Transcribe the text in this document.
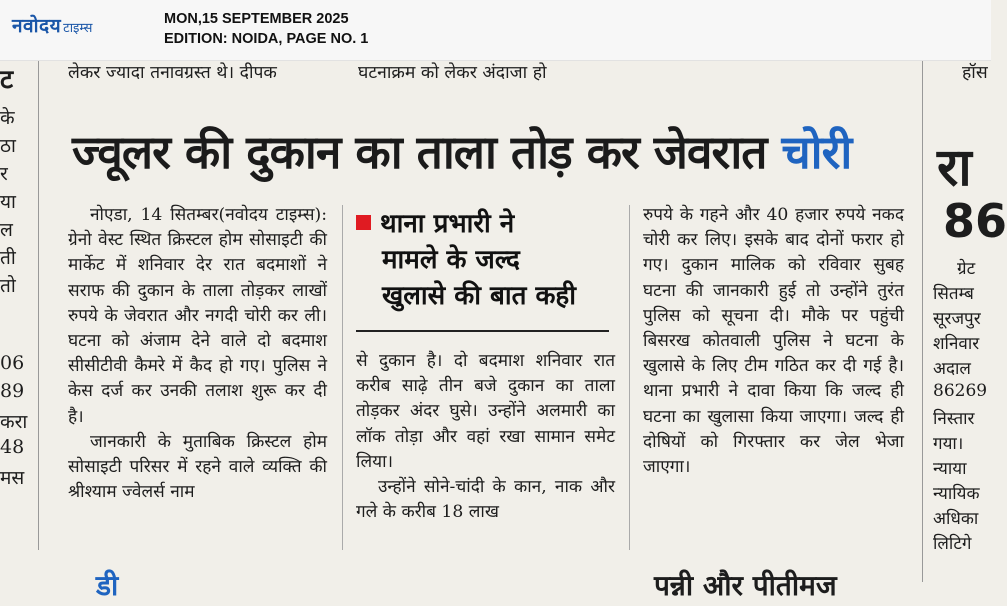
नवोदय टाइम्स
MON,15 SEPTEMBER 2025
EDITION: NOIDA, PAGE NO. 1
लेकर ज्यादा तनावग्रस्त थे। दीपक	घटनाक्रम को लेकर अंदाजा हो	हॉस
ट
के
ठा
र
या
ल
ती
तो
06
89
करा
48
मस
ज्वूलर की दुकान का ताला तोड़ कर जेवरात चोरी

नोएडा, 14 सितम्बर(नवोदय टाइम्स): ग्रेनो वेस्ट स्थित क्रिस्टल होम सोसाइटी की मार्केट में शनिवार देर रात बदमाशों ने सराफ की दुकान के ताला तोड़कर लाखों रुपये के जेवरात और नगदी चोरी कर ली। घटना को अंजाम देने वाले दो बदमाश सीसीटीवी कैमरे में कैद हो गए। पुलिस ने केस दर्ज कर उनकी तलाश शुरू कर दी है।

जानकारी के मुताबिक क्रिस्टल होम सोसाइटी परिसर में रहने वाले व्यक्ति की श्रीश्याम ज्वेलर्स नाम

थाना प्रभारी ने
मामले के जल्द
खुलासे की बात कही

से दुकान है। दो बदमाश शनिवार रात करीब साढ़े तीन बजे दुकान का ताला तोड़कर अंदर घुसे। उन्होंने अलमारी का लॉक तोड़ा और वहां रखा सामान समेट लिया।

उन्होंने सोने-चांदी के कान, नाक और गले के करीब 18 लाख

रुपये के गहने और 40 हजार रुपये नकद चोरी कर लिए। इसके बाद दोनों फरार हो गए। दुकान मालिक को रविवार सुबह घटना की जानकारी हुई तो उन्होंने तुरंत पुलिस को सूचना दी। मौके पर पहुंची बिसरख कोतवाली पुलिस ने घटना के खुलासे के लिए टीम गठित कर दी गई है। थाना प्रभारी ने दावा किया कि जल्द ही घटना का खुलासा किया जाएगा। जल्द ही दोषियों को गिरफ्तार कर जेल भेजा जाएगा।

रा
86
ग्रेट
सितम्ब
सूरजपुर
शनिवार
अदाल
86269
निस्तार
गया।
न्याया
न्यायिक
अधिका
लिटिगे
डी	पन्नी और पीतीमज
